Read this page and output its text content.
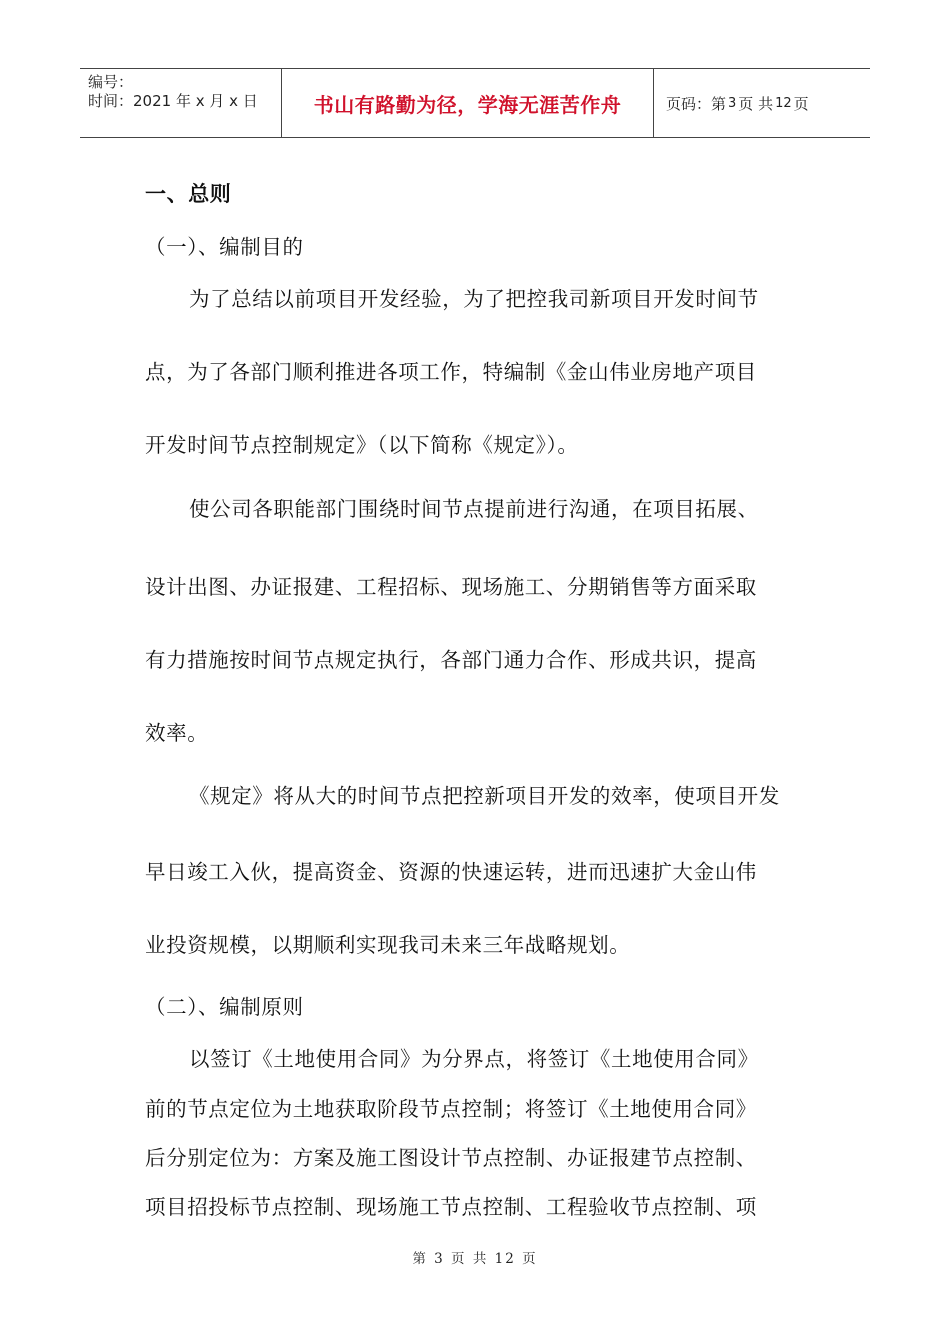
编号：
时间：2021 年 x 月 x 日	书山有路勤为径，学海无涯苦作舟	页码：第 3 页 共 12 页
一、总则
（一）、编制目的
为了总结以前项目开发经验，为了把控我司新项目开发时间节
点，为了各部门顺利推进各项工作，特编制《金山伟业房地产项目
开发时间节点控制规定》（以下简称《规定》）。
使公司各职能部门围绕时间节点提前进行沟通，在项目拓展、
设计出图、办证报建、工程招标、现场施工、分期销售等方面采取
有力措施按时间节点规定执行，各部门通力合作、形成共识，提高
效率。
《规定》将从大的时间节点把控新项目开发的效率，使项目开发
早日竣工入伙，提高资金、资源的快速运转，进而迅速扩大金山伟
业投资规模，以期顺利实现我司未来三年战略规划。
（二）、编制原则
以签订《土地使用合同》为分界点，将签订《土地使用合同》
前的节点定位为土地获取阶段节点控制；将签订《土地使用合同》
后分别定位为：方案及施工图设计节点控制、办证报建节点控制、
项目招投标节点控制、现场施工节点控制、工程验收节点控制、项
第 3 页 共 12 页
